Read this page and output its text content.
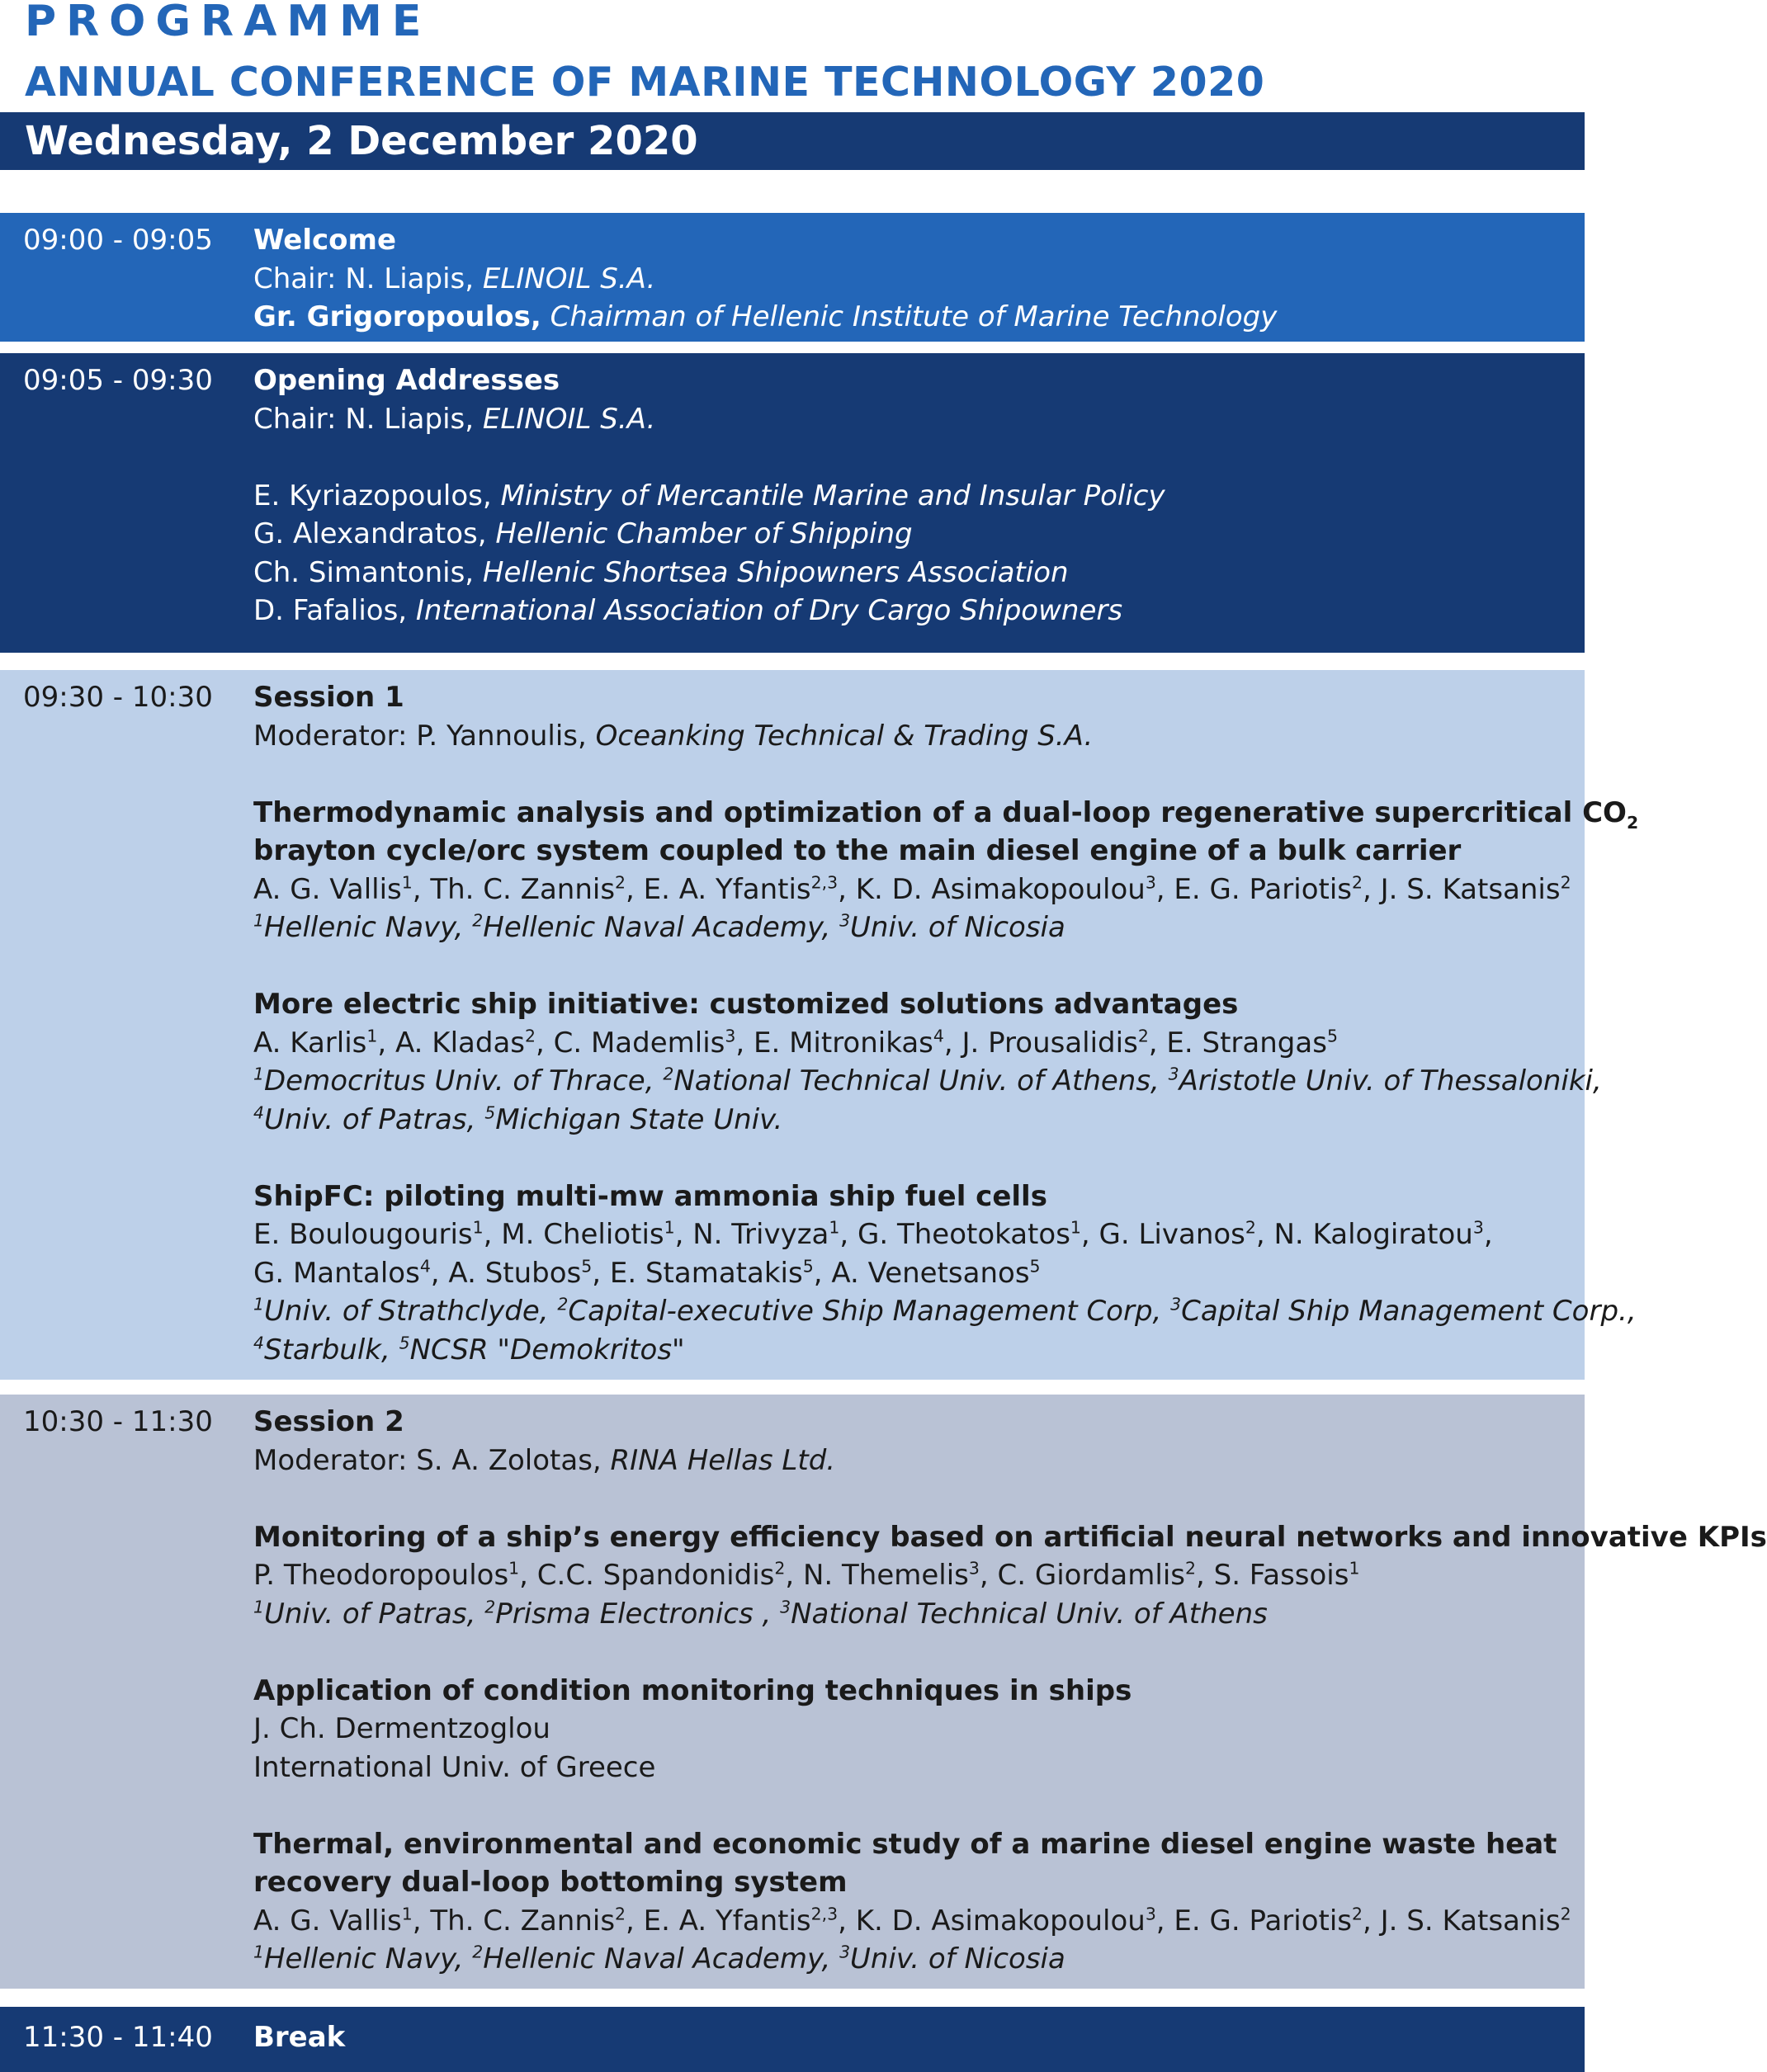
PROGRAMME
ANNUAL CONFERENCE OF MARINE TECHNOLOGY 2020
Wednesday, 2 December 2020
09:00 - 09:05 Welcome
Chair: N. Liapis, ELINOIL S.A.
Gr. Grigoropoulos, Chairman of Hellenic Institute of Marine Technology
09:05 - 09:30 Opening Addresses
Chair: N. Liapis, ELINOIL S.A.
E. Kyriazopoulos, Ministry of Mercantile Marine and Insular Policy
G. Alexandratos, Hellenic Chamber of Shipping
Ch. Simantonis, Hellenic Shortsea Shipowners Association
D. Fafalios, International Association of Dry Cargo Shipowners
09:30 - 10:30 Session 1
Moderator: P. Yannoulis, Oceanking Technical & Trading S.A.
Thermodynamic analysis and optimization of a dual-loop regenerative supercritical $CO_2$
brayton cycle/orc system coupled to the main diesel engine of a bulk carrier
A. G. Vallis$^1$, Th. C. Zannis$^2$, E. A. Yfantis$^{2,3}$, K. D. Asimakopoulou$^3$, E. G. Pariotis$^2$, J. S. Katsanis$^2$
$^1$Hellenic Navy, $^2$Hellenic Naval Academy, $^3$Univ. of Nicosia
More electric ship initiative: customized solutions advantages
A. Karlis$^1$, A. Kladas$^2$, C. Mademlis$^3$, E. Mitronikas$^4$, J. Prousalidis$^2$, E. Strangas$^5$
$^1$Democritus Univ. of Thrace, $^2$National Technical Univ. of Athens, $^3$Aristotle Univ. of Thessaloniki,
$^4$Univ. of Patras, $^5$Michigan State Univ.
ShipFC: piloting multi-mw ammonia ship fuel cells
E. Boulougouris$^1$, M. Cheliotis$^1$, N. Trivyza$^1$, G. Theotokatos$^1$, G. Livanos$^2$, N. Kalogiratou$^3$,
G. Mantalos$^4$, A. Stubos$^5$, E. Stamatakis$^5$, A. Venetsanos$^5$
$^1$Univ. of Strathclyde, $^2$Capital-executive Ship Management Corp, $^3$Capital Ship Management Corp.,
$^4$Starbulk, $^5$NCSR "Demokritos"
10:30 - 11:30 Session 2
Moderator: S. A. Zolotas, RINA Hellas Ltd.
Monitoring of a ship’s energy efficiency based on artificial neural networks and innovative KPIs
P. Theodoropoulos$^1$, C.C. Spandonidis$^2$, N. Themelis$^3$, C. Giordamlis$^2$, S. Fassois$^1$
$^1$Univ. of Patras, $^2$Prisma Electronics , $^3$National Technical Univ. of Athens
Application of condition monitoring techniques in ships
J. Ch. Dermentzoglou
International Univ. of Greece
Thermal, environmental and economic study of a marine diesel engine waste heat
recovery dual-loop bottoming system
A. G. Vallis$^1$, Th. C. Zannis$^2$, E. A. Yfantis$^{2,3}$, K. D. Asimakopoulou$^3$, E. G. Pariotis$^2$, J. S. Katsanis$^2$
$^1$Hellenic Navy, $^2$Hellenic Naval Academy, $^3$Univ. of Nicosia
11:30 - 11:40 Break
